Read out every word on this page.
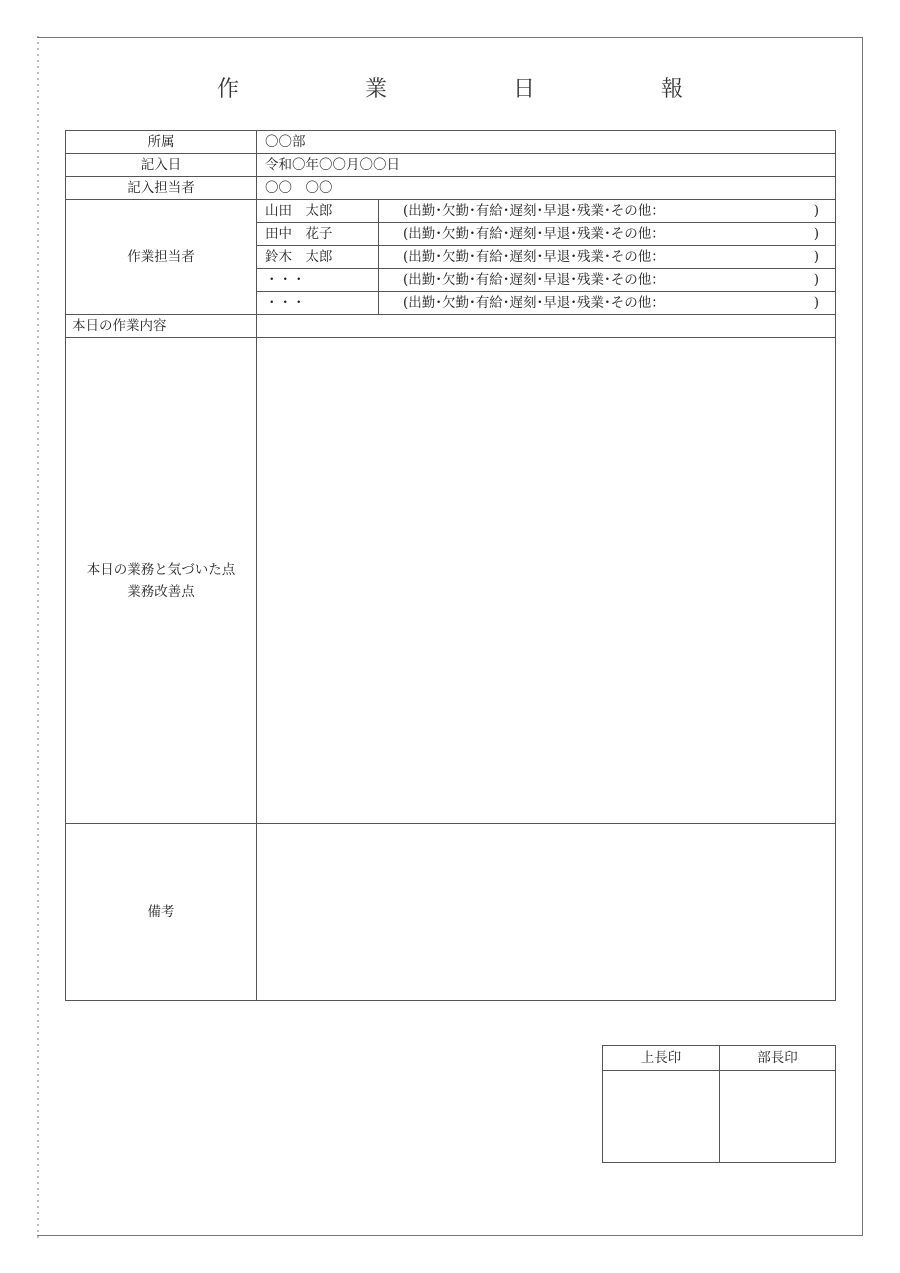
作　業　日　報
所属	〇〇部	
記入日	令和〇年〇〇月〇〇日	
記入担当者	〇〇　〇〇	
作業担当者	山田　太郎	(出勤･欠勤･有給･遅刻･早退･残業･その他： )

	田中　花子	(出勤･欠勤･有給･遅刻･早退･残業･その他： )

	鈴木　太郎	(出勤･欠勤･有給･遅刻･早退･残業･その他： )

	・・・	(出勤･欠勤･有給･遅刻･早退･残業･その他： )

	・・・	(出勤･欠勤･有給･遅刻･早退･残業･その他： )

本日の作業内容		

本日の業務と気づいた点
業務改善点		

備考		
上長印	部長印
